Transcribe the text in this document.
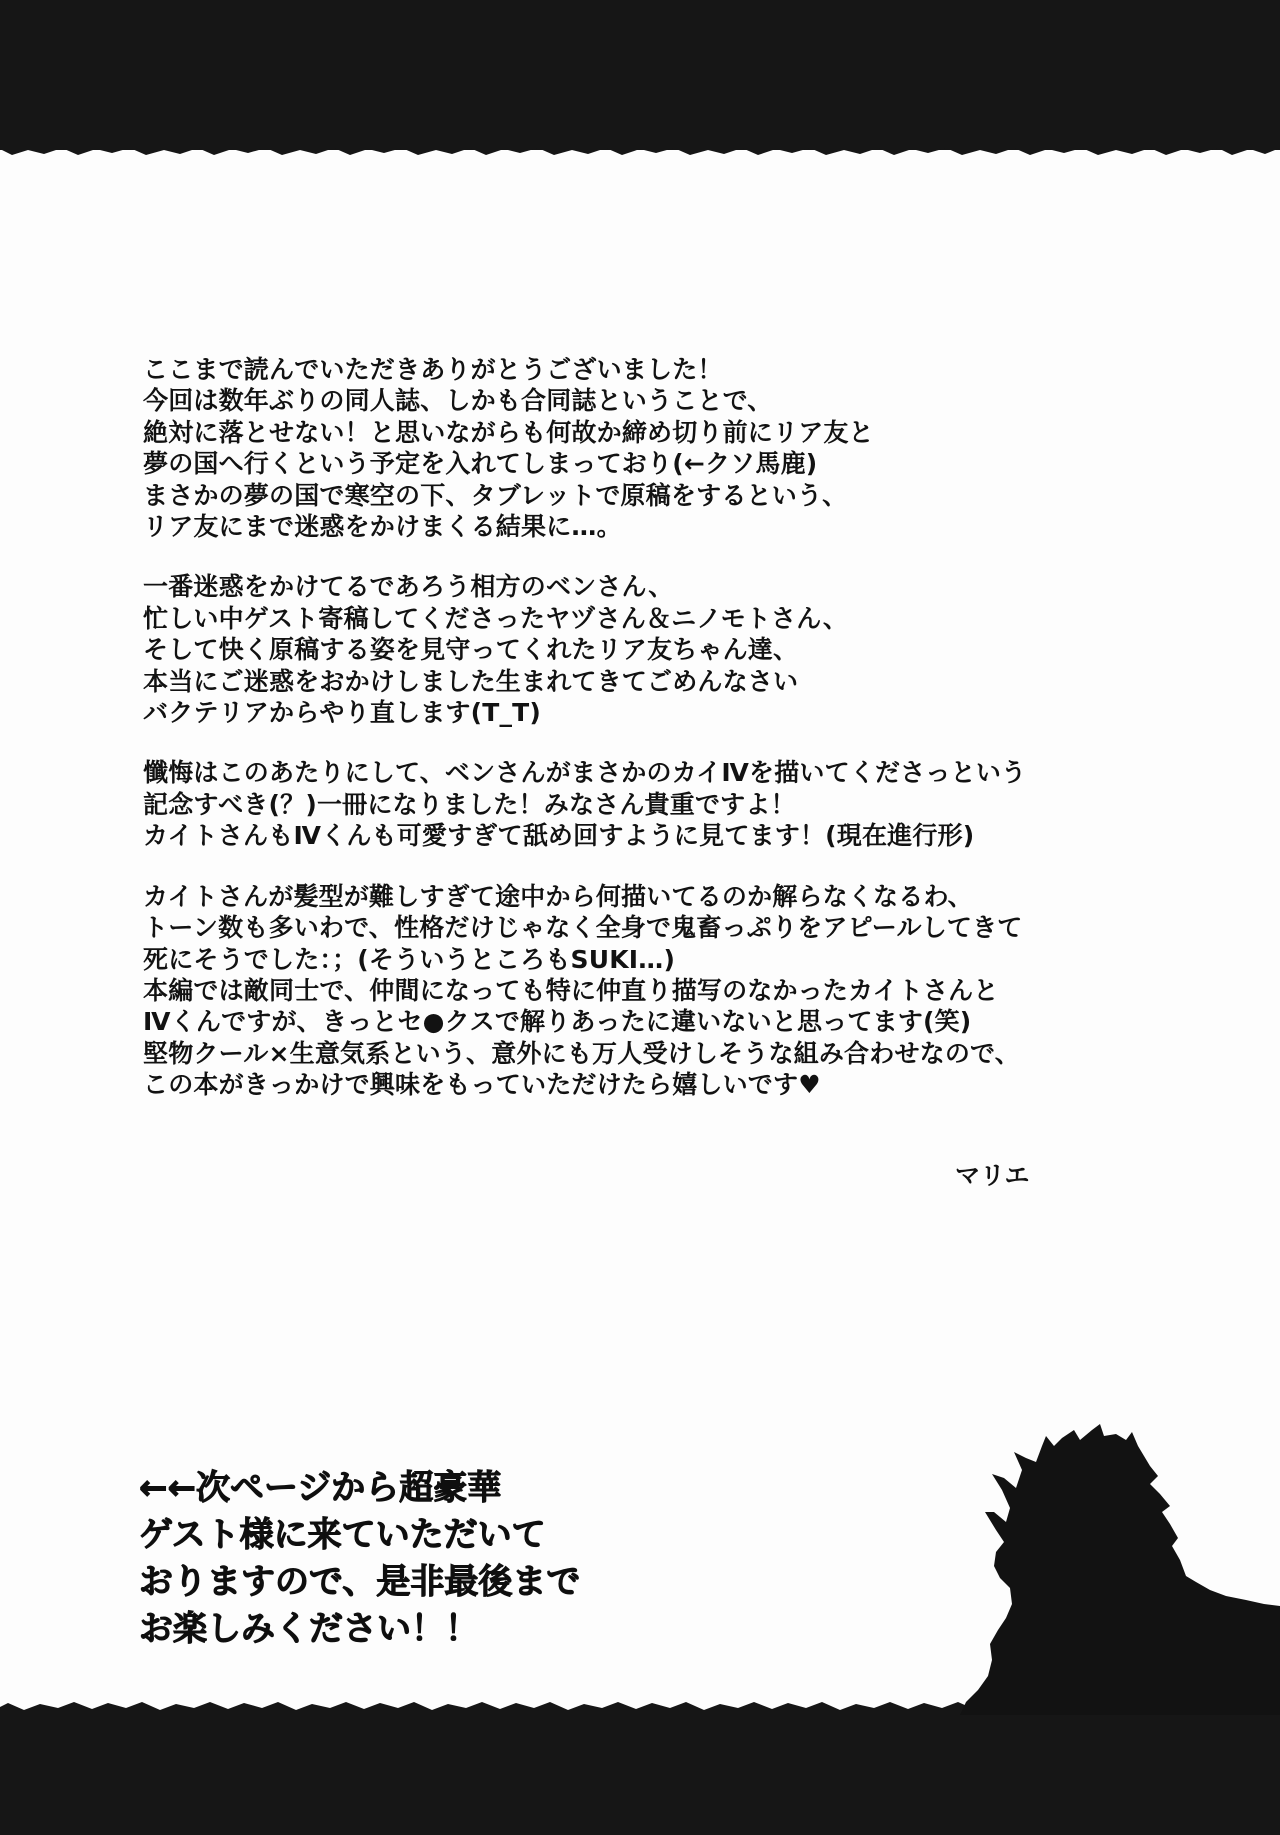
ここまで読んでいただきありがとうございました！
今回は数年ぶりの同人誌、しかも合同誌ということで、
絶対に落とせない！と思いながらも何故か締め切り前にリア友と
夢の国へ行くという予定を入れてしまっており(←クソ馬鹿)
まさかの夢の国で寒空の下、タブレットで原稿をするという、
リア友にまで迷惑をかけまくる結果に…。
一番迷惑をかけてるであろう相方のベンさん、
忙しい中ゲスト寄稿してくださったヤヅさん＆ニノモトさん、
そして快く原稿する姿を見守ってくれたリア友ちゃん達、
本当にご迷惑をおかけしました生まれてきてごめんなさい
バクテリアからやり直します(T_T)
懺悔はこのあたりにして、ベンさんがまさかのカイⅣを描いてくださっという
記念すべき(？)一冊になりました！みなさん貴重ですよ！
カイトさんもⅣくんも可愛すぎて舐め回すように見てます！(現在進行形)
カイトさんが髪型が難しすぎて途中から何描いてるのか解らなくなるわ、
トーン数も多いわで、性格だけじゃなく全身で鬼畜っぷりをアピールしてきて
死にそうでした：；(そういうところもSUKI…)
本編では敵同士で、仲間になっても特に仲直り描写のなかったカイトさんと
Ⅳくんですが、きっとセ●クスで解りあったに違いないと思ってます(笑)
堅物クール×生意気系という、意外にも万人受けしそうな組み合わせなので、
この本がきっかけで興味をもっていただけたら嬉しいです♥
マリエ
←←次ページから超豪華
ゲスト様に来ていただいて
おりますので、是非最後まで
お楽しみください！！
